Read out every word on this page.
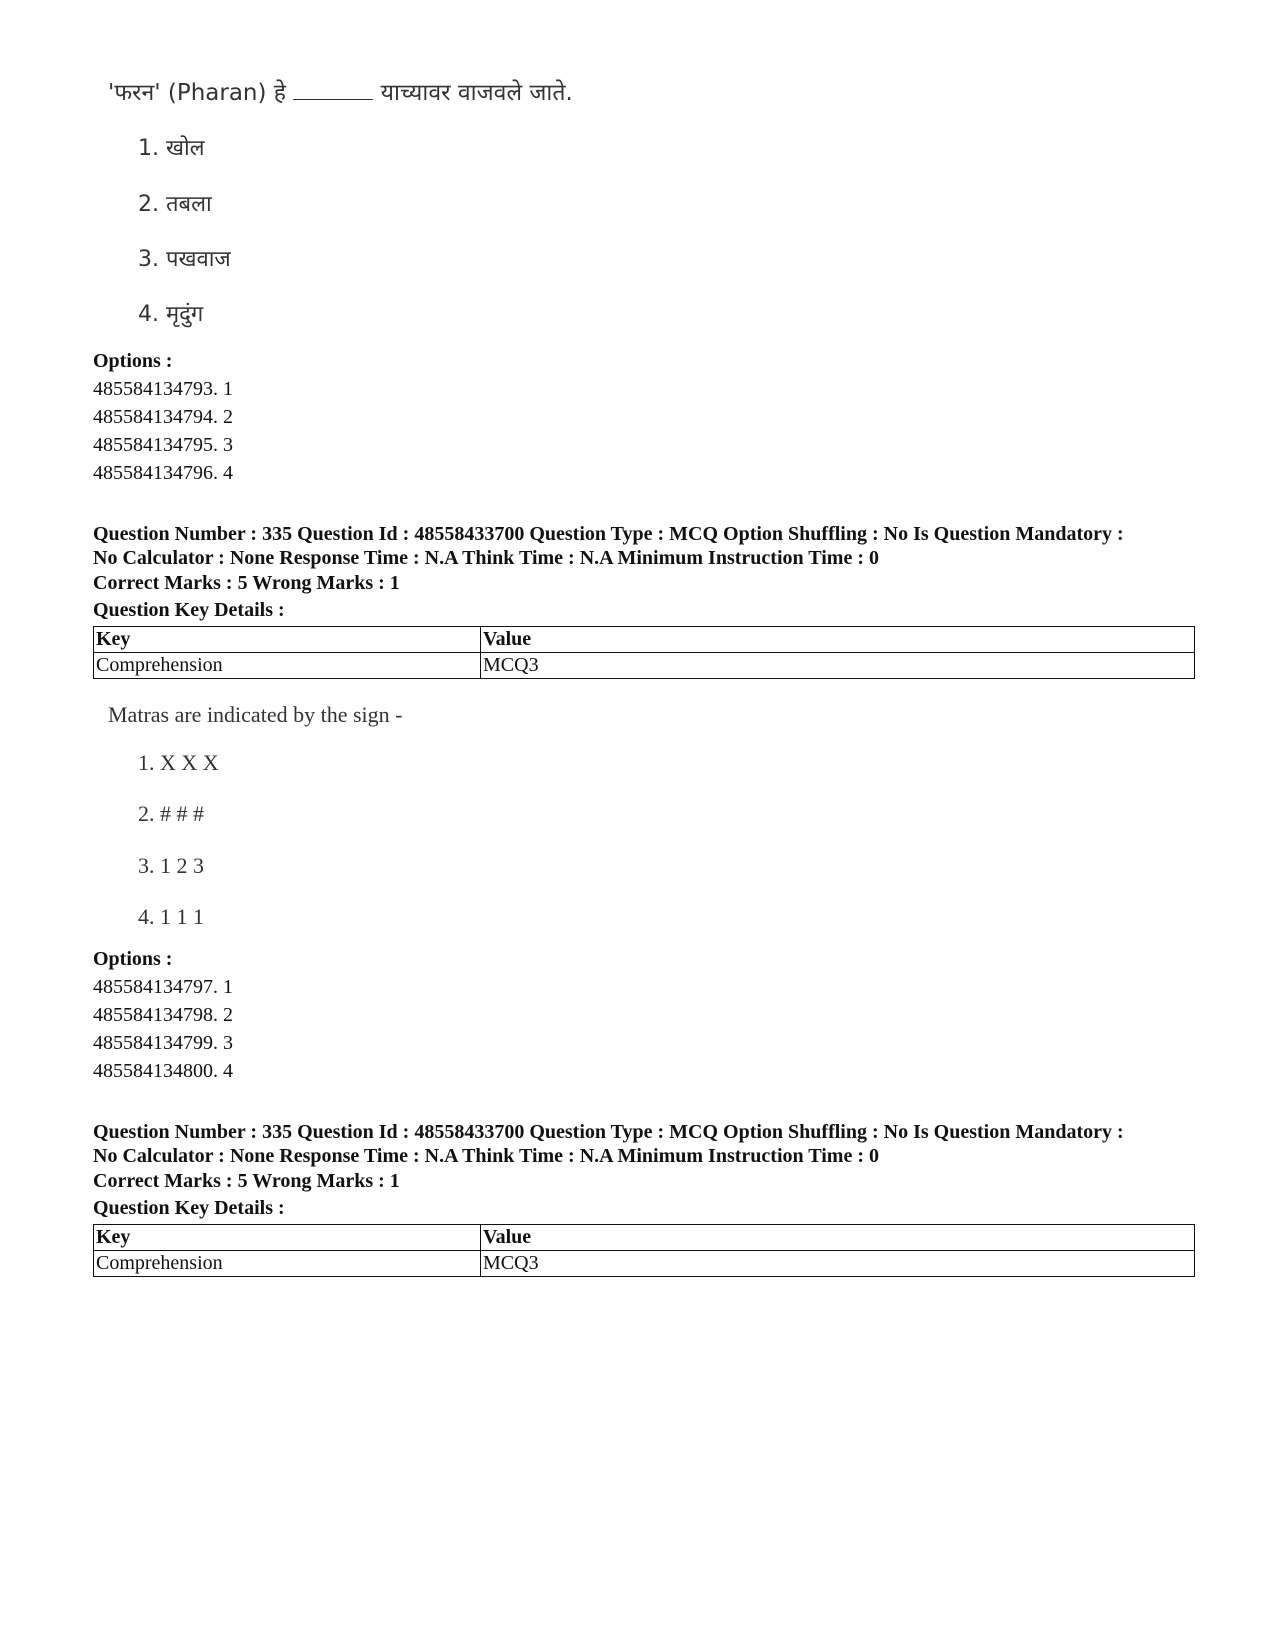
'फरन' (Pharan) हे	याच्यावर वाजवले जाते.
1. खोल
2. तबला
3. पखवाज
4. मृदुंग

Options :

485584134793. 1

485584134794. 2

485584134795. 3

485584134796. 4

Question Number : 335 Question Id : 48558433700 Question Type : MCQ Option Shuffling : No Is Question Mandatory :

No Calculator : None Response Time : N.A Think Time : N.A Minimum Instruction Time : 0

Correct Marks : 5 Wrong Marks : 1

Question Key Details :

Key	Value
Comprehension	MCQ3
Matras are indicated by the sign -
1. X X X
2. # # #
3. 1 2 3
4. 1 1 1

Options :

485584134797. 1

485584134798. 2

485584134799. 3

485584134800. 4

Question Number : 335 Question Id : 48558433700 Question Type : MCQ Option Shuffling : No Is Question Mandatory :

No Calculator : None Response Time : N.A Think Time : N.A Minimum Instruction Time : 0

Correct Marks : 5 Wrong Marks : 1

Question Key Details :

Key	Value
Comprehension	MCQ3
